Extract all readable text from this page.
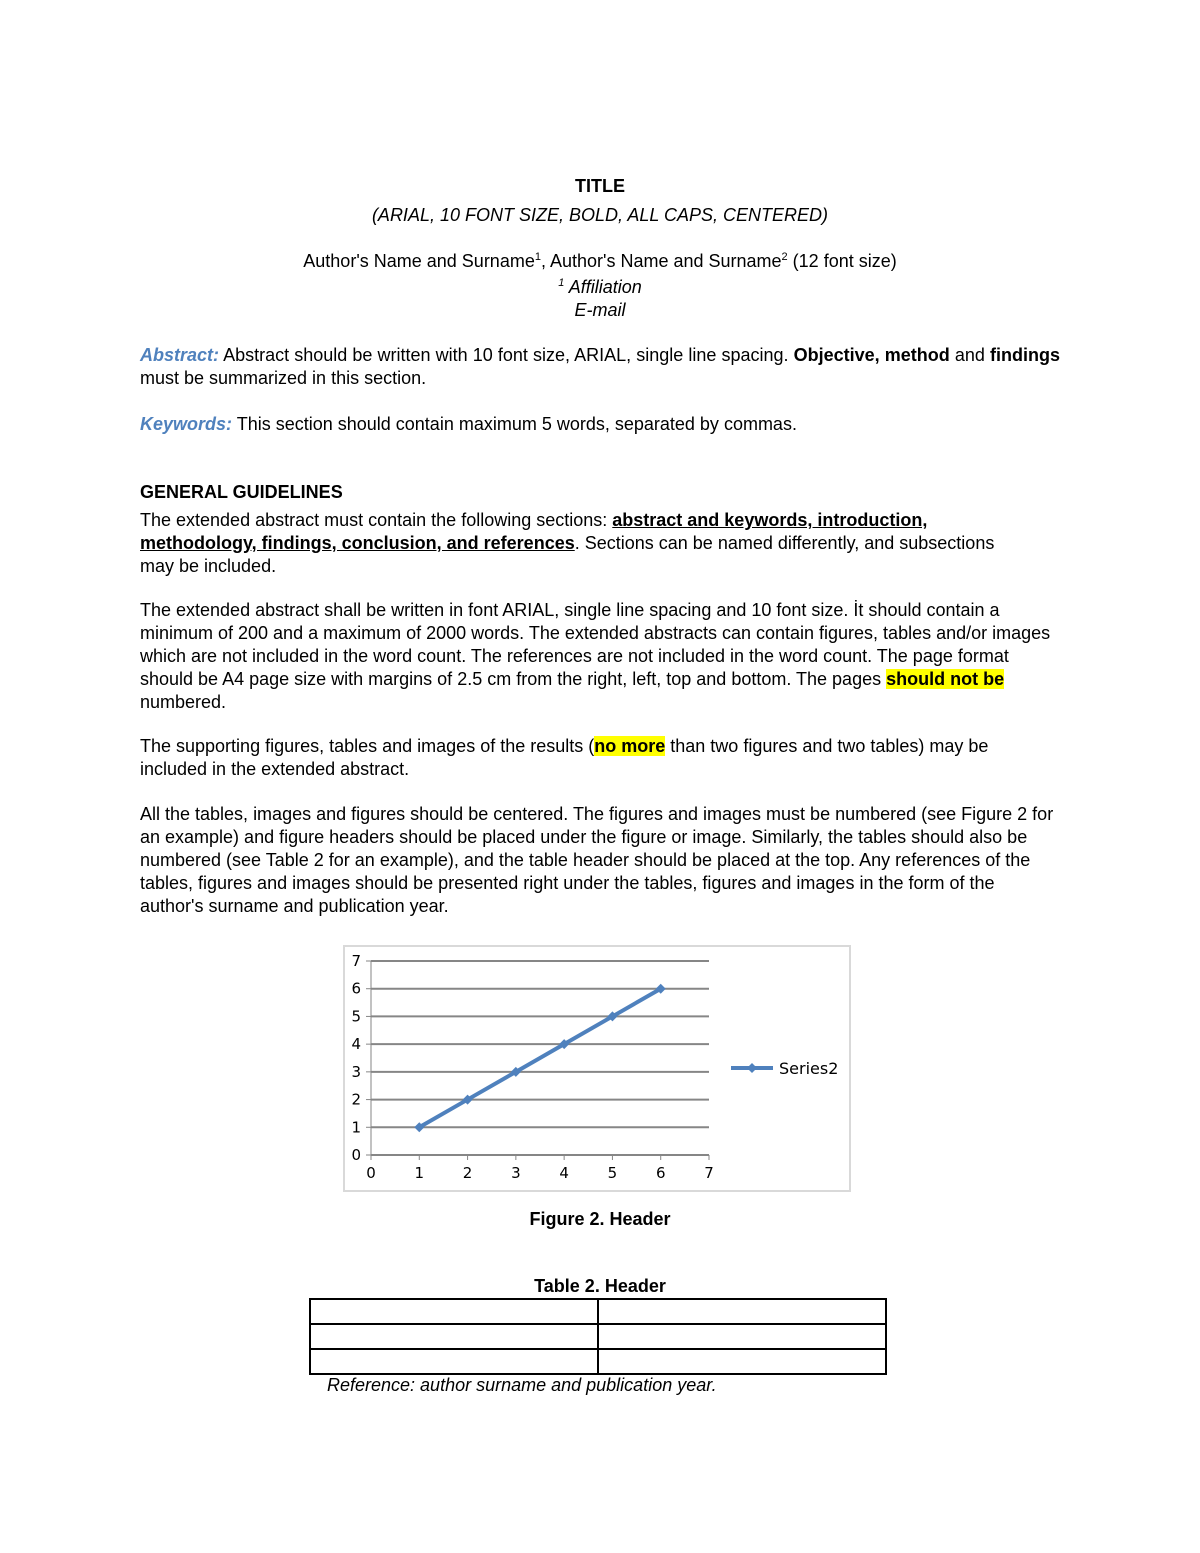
TITLE
(ARIAL, 10 FONT SIZE, BOLD, ALL CAPS, CENTERED)
Author's Name and Surname$^1$, Author's Name and Surname$^2$ (12 font size)
$^1$ Affiliation
E-mail
Abstract: Abstract should be written with 10 font size, ARIAL, single line spacing. Objective, method and findings must be summarized in this section.
Keywords: This section should contain maximum 5 words, separated by commas.
GENERAL GUIDELINES
The extended abstract must contain the following sections: abstract and keywords, introduction, methodology, findings, conclusion, and references. Sections can be named differently, and subsections may be included.
The extended abstract shall be written in font ARIAL, single line spacing and 10 font size. İt should contain a minimum of 200 and a maximum of 2000 words. The extended abstracts can contain figures, tables and/or images which are not included in the word count. The references are not included in the word count. The page format should be A4 page size with margins of 2.5 cm from the right, left, top and bottom. The pages should not be numbered.
The supporting figures, tables and images of the results (no more than two figures and two tables) may be included in the extended abstract.
All the tables, images and figures should be centered. The figures and images must be numbered (see Figure 2 for an example) and figure headers should be placed under the figure or image. Similarly, the tables should also be numbered (see Table 2 for an example), and the table header should be placed at the top. Any references of the tables, figures and images should be presented right under the tables, figures and images in the form of the author's surname and publication year.
0
1
2
3
4
5
6
7
0	1	2	3	4	5	6	7
Series2
Figure 2. Header
Table 2. Header

Reference: author surname and publication year.
